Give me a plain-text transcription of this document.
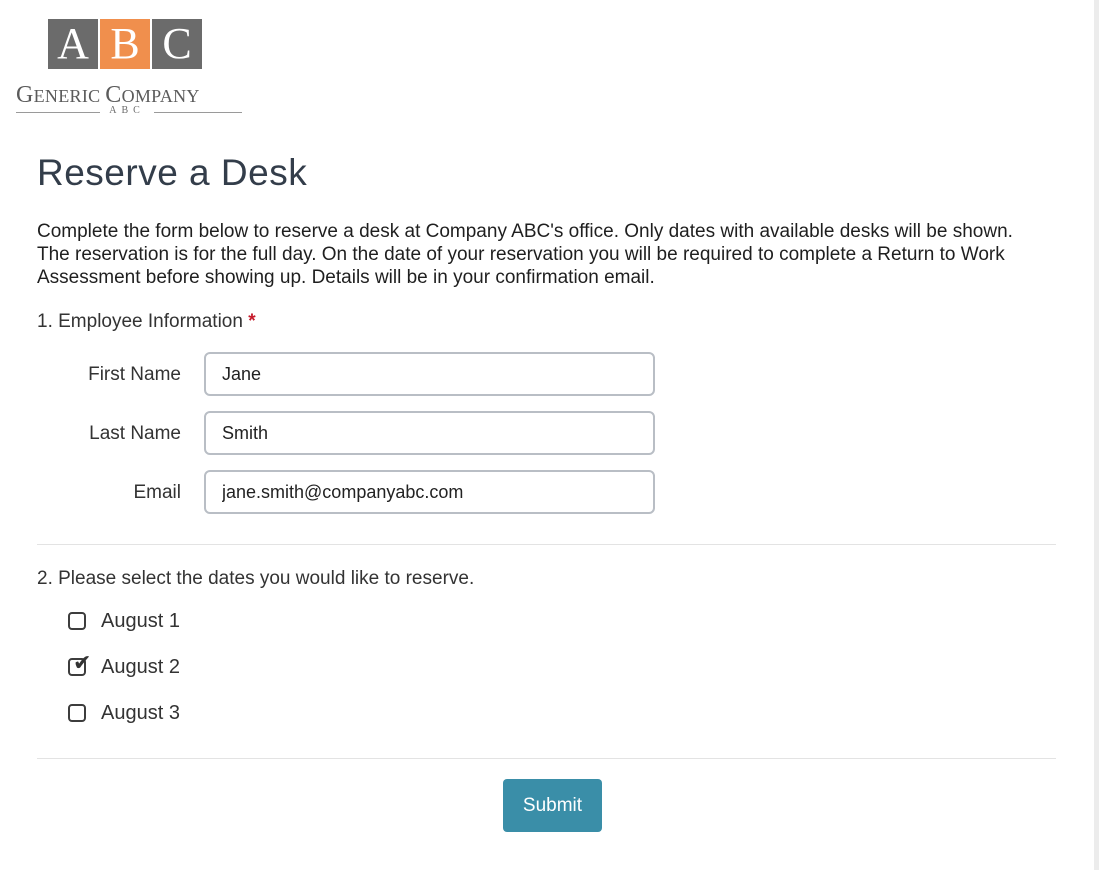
A B C
GENERIC COMPANY
ABC
Reserve a Desk

Complete the form below to reserve a desk at Company ABC's office. Only dates with available desks will be shown. The reservation is for the full day. On the date of your reservation you will be required to complete a Return to Work Assessment before showing up. Details will be in your confirmation email.

1. Employee Information *
First Name
Jane
Last Name
Smith
Email
jane.smith@companyabc.com
2. Please select the dates you would like to reserve.
August 1
✔ August 2
August 3
Submit
